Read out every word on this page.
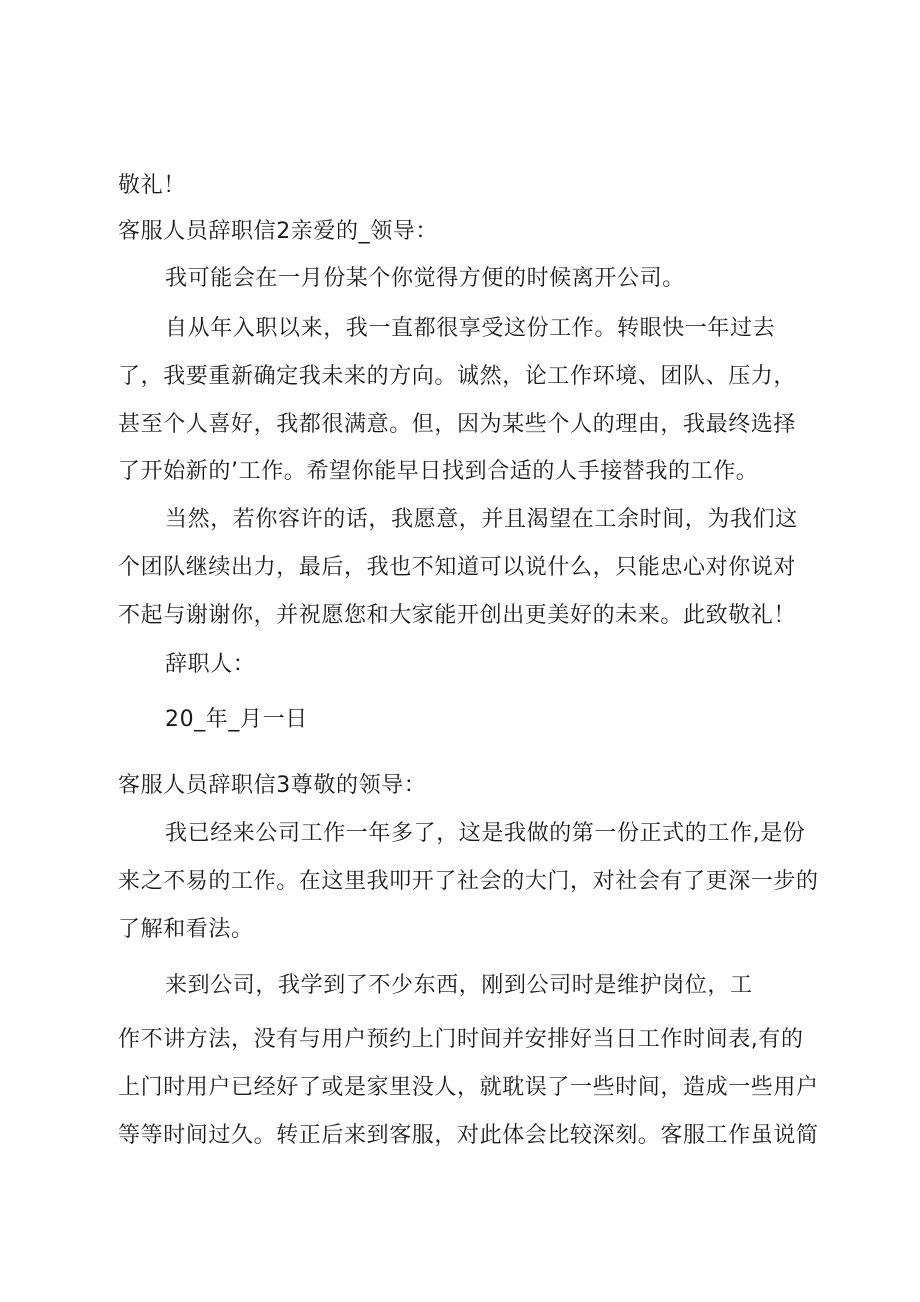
敬礼！
客服人员辞职信2亲爱的_领导：
我可能会在一月份某个你觉得方便的时候离开公司。
自从年入职以来，我一直都很享受这份工作。转眼快一年过去
了，我要重新确定我未来的方向。诚然，论工作环境、团队、压力，
甚至个人喜好，我都很满意。但，因为某些个人的理由，我最终选择
了开始新的’工作。希望你能早日找到合适的人手接替我的工作。
当然，若你容许的话，我愿意，并且渴望在工余时间，为我们这
个团队继续出力，最后，我也不知道可以说什么，只能忠心对你说对
不起与谢谢你，并祝愿您和大家能开创出更美好的未来。此致敬礼！
辞职人：
20_年_月一日
客服人员辞职信3尊敬的领导：
我已经来公司工作一年多了，这是我做的第一份正式的工作,是份
来之不易的工作。在这里我叩开了社会的大门，对社会有了更深一步的
了解和看法。
来到公司，我学到了不少东西，刚到公司时是维护岗位，工
作不讲方法，没有与用户预约上门时间并安排好当日工作时间表,有的
上门时用户已经好了或是家里没人，就耽误了一些时间，造成一些用户
等等时间过久。转正后来到客服，对此体会比较深刻。客服工作虽说简
